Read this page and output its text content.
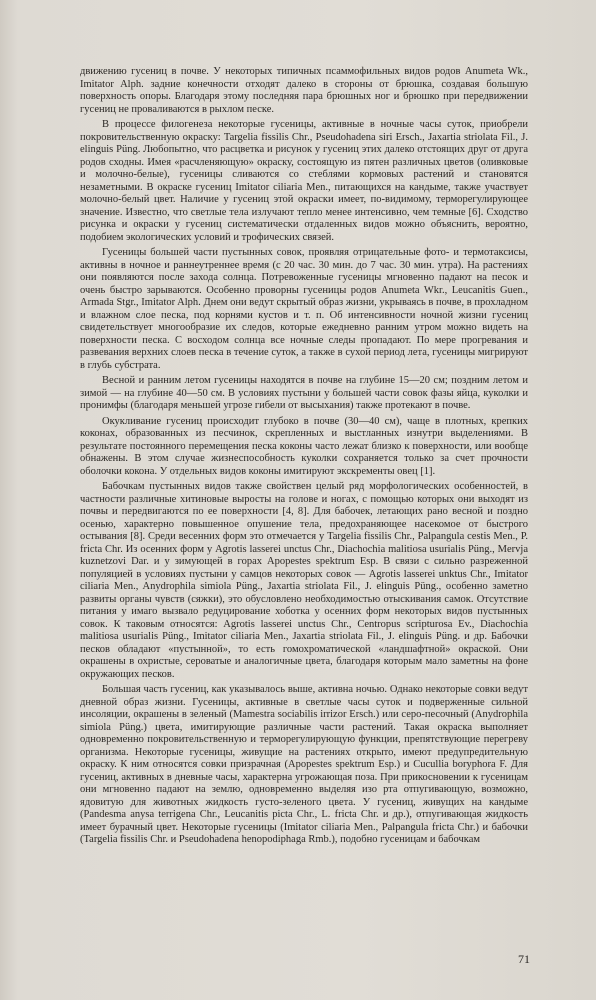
движению гусениц в почве. У некоторых типичных псаммофильных видов родов Anumeta Wk., Imitator Alph. задние конечности отходят далеко в стороны от брюшка, создавая большую поверхность опоры. Благодаря этому последняя пара брюшных ног и брюшко при передвижении гусениц не проваливаются в рыхлом песке.

В процессе филогенеза некоторые гусеницы, активные в ночные часы суток, приобрели покровительственную окраску: Targelia fissilis Chr., Pseudohadena siri Ersch., Jaxartia striolata Fil., J. elinguis Püng. Любопытно, что расцветка и рисунок у гусениц этих далеко отстоящих друг от друга родов сходны. Имея «расчленяющую» окраску, состоящую из пятен различных цветов (оливковые и молочно-белые), гусеницы сливаются со стеблями кормовых растений и становятся незаметными. В окраске гусениц Imitator ciliaria Men., питающихся на кандыме, также участвует молочно-белый цвет. Наличие у гусениц этой окраски имеет, по-видимому, терморегулирующее значение. Известно, что светлые тела излучают тепло менее интенсивно, чем темные [6]. Сходство рисунка и окраски у гусениц систематически отдаленных видов можно объяснить, вероятно, подобием экологических условий и трофических связей.

Гусеницы большей части пустынных совок, проявляя отрицательные фото- и термотаксисы, активны в ночное и раннеутреннее время (с 20 час. 30 мин. до 7 час. 30 мин. утра). На растениях они появляются после захода солнца. Потревоженные гусеницы мгновенно падают на песок и очень быстро зарываются. Особенно проворны гусеницы родов Anumeta Wkr., Leucanitis Guen., Armada Stgr., Imitator Alph. Днем они ведут скрытый образ жизни, укрываясь в почве, в прохладном и влажном слое песка, под корнями кустов и т. п. Об интенсивности ночной жизни гусениц свидетельствует многообразие их следов, которые ежедневно ранним утром можно видеть на поверхности песка. С восходом солнца все ночные следы пропадают. По мере прогревания и развевания верхних слоев песка в течение суток, а также в сухой период лета, гусеницы мигрируют в глубь субстрата.

Весной и ранним летом гусеницы находятся в почве на глубине 15—20 см; поздним летом и зимой — на глубине 40—50 см. В условиях пустыни у большей части совок фазы яйца, куколки и пронимфы (благодаря меньшей угрозе гибели от высыхания) также протекают в почве.

Окукливание гусениц происходит глубоко в почве (30—40 см), чаще в плотных, крепких коконах, образованных из песчинок, скрепленных и выстланных изнутри выделениями. В результате постоянного перемещения песка коконы часто лежат близко к поверхности, или вообще обнажены. В этом случае жизнеспособность куколки сохраняется только за счет прочности оболочки кокона. У отдельных видов коконы имитируют экскременты овец [1].

Бабочкам пустынных видов также свойствен целый ряд морфологических особенностей, в частности различные хитиновые выросты на голове и ногах, с помощью которых они выходят из почвы и передвигаются по ее поверхности [4, 8]. Для бабочек, летающих рано весной и поздно осенью, характерно повышенное опушение тела, предохраняющее насекомое от быстрого остывания [8]. Среди весенних форм это отмечается у Targelia fissilis Chr., Palpangula cestis Men., P. fricta Chr. Из осенних форм у Agrotis lasserei unctus Chr., Diachochia malitiosa usurialis Püng., Mervja kuznetzovi Dar. и у зимующей в горах Apopestes spektrum Esp. В связи с сильно разреженной популяцией в условиях пустыни у самцов некоторых совок — Agrotis lasserei unktus Chr., Imitator ciliaria Men., Anydrophila simiola Püng., Jaxartia striolata Fil., J. elinguis Püng., особенно заметно развиты органы чувств (сяжки), это обусловлено необходимостью отыскивания самок. Отсутствие питания у имаго вызвало редуцирование хоботка у осенних форм некоторых видов пустынных совок. К таковым относятся: Agrotis lasserei unctus Chr., Centropus scripturosa Ev., Diachochia malitiosa usurialis Püng., Imitator ciliaria Men., Jaxartia striolata Fil., J. elinguis Püng. и др. Бабочки песков обладают «пустынной», то есть гомохроматической «ландшафтной» окраской. Они окрашены в охристые, сероватые и аналогичные цвета, благодаря которым мало заметны на фоне окружающих песков.

Большая часть гусениц, как указывалось выше, активна ночью. Однако некоторые совки ведут дневной образ жизни. Гусеницы, активные в светлые часы суток и подверженные сильной инсоляции, окрашены в зеленый (Mamestra sociabilis irrizor Ersch.) или серо-песочный (Anydrophila simiola Püng.) цвета, имитирующие различные части растений. Такая окраска выполняет одновременно покровительственную и терморегулирующую функции, препятствующие перегреву организма. Некоторые гусеницы, живущие на растениях открыто, имеют предупредительную окраску. К ним относятся совки призрачная (Apopestes spektrum Esp.) и Cucullia boryphora F. Для гусениц, активных в дневные часы, характерна угрожающая поза. При прикосновении к гусеницам они мгновенно падают на землю, одновременно выделяя изо рта отпугивающую, возможно, ядовитую для животных жидкость густо-зеленого цвета. У гусениц, живущих на кандыме (Pandesma anysa terrigena Chr., Leucanitis picta Chr., L. fricta Chr. и др.), отпугивающая жидкость имеет бурачный цвет. Некоторые гусеницы (Imitator ciliaria Men., Palpangula fricta Chr.) и бабочки (Targelia fissilis Chr. и Pseudohadena henopodiphaga Rmb.), подобно гусеницам и бабочкам

71
